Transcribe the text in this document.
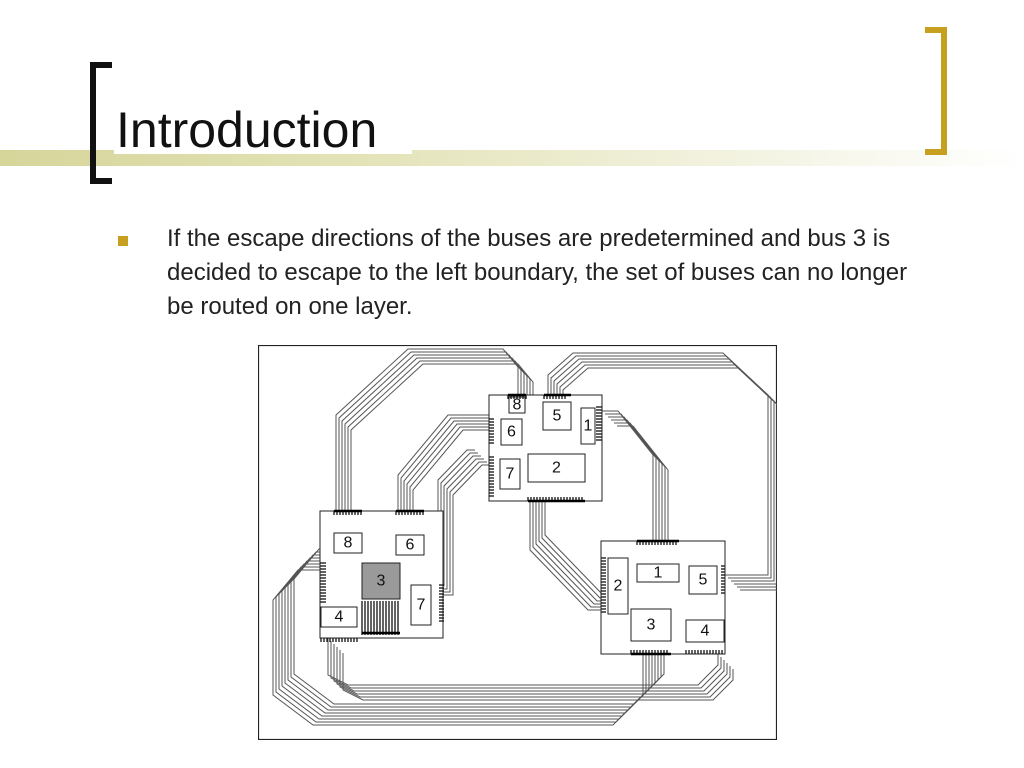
Introduction
If the escape directions of the buses are predetermined and bus 3 is decided to escape to the left boundary, the set of buses can no longer be routed on one layer.
8
5
1
6
7 2
8	6
3
7
4
1 5
2
3	4
